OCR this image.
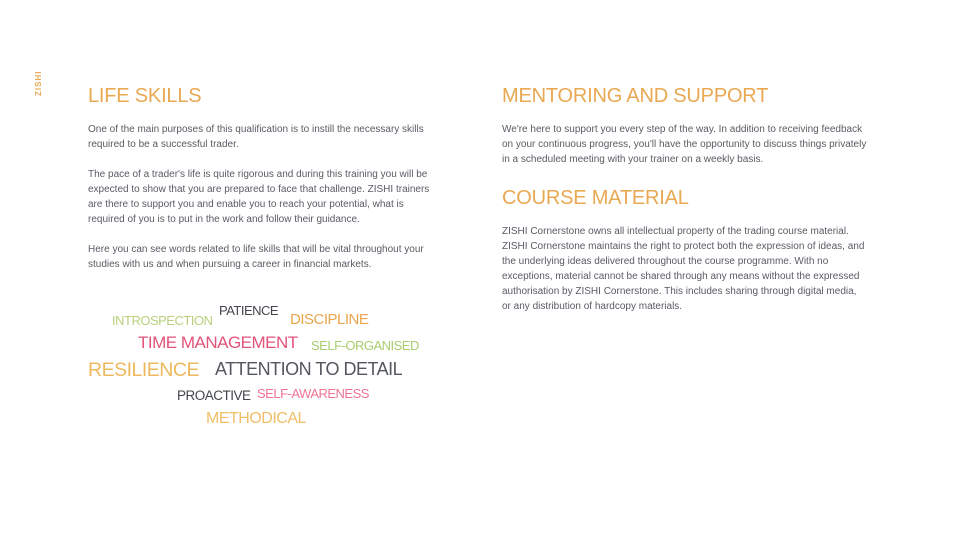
ZISHI LIFE SKILLS

One of the main purposes of this qualification is to instill the necessary skills required to be a successful trader.

The pace of a trader's life is quite rigorous and during this training you will be expected to show that you are prepared to face that challenge. ZISHI trainers are there to support you and enable you to reach your potential, what is required of you is to put in the work and follow their guidance.

Here you can see words related to life skills that will be vital throughout your studies with us and when pursuing a career in financial markets.

INTROSPECTION
PATIENCE
DISCIPLINE
TIME MANAGEMENT SELF-ORGANISED
RESILIENCE ATTENTION TO DETAIL
PROACTIVE SELF-AWARENESS
METHODICAL
MENTORING AND SUPPORT

We're here to support you every step of the way. In addition to receiving feedback on your continuous progress, you'll have the opportunity to discuss things privately in a scheduled meeting with your trainer on a weekly basis.

COURSE MATERIAL

ZISHI Cornerstone owns all intellectual property of the trading course material. ZISHI Cornerstone maintains the right to protect both the expression of ideas, and the underlying ideas delivered throughout the course programme. With no exceptions, material cannot be shared through any means without the expressed authorisation by ZISHI Cornerstone. This includes sharing through digital media, or any distribution of hardcopy materials.
